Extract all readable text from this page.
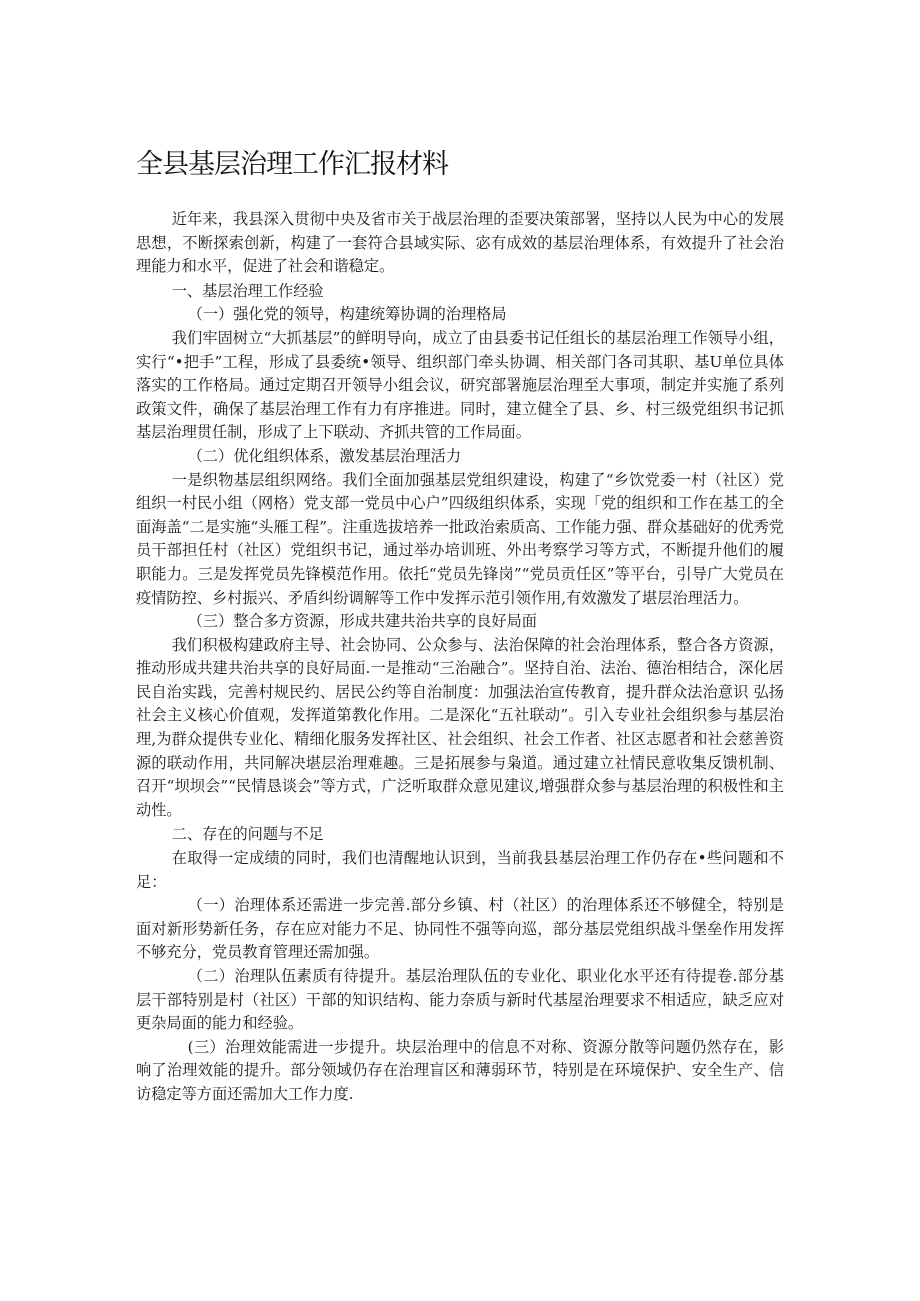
全县基层治理工作汇报材料

近年来，我县深入贯彻中央及省市关于战层治理的歪要决策部署，坚持以人民为中心的发展思想，不断探索创新，构建了一套符合县域实际、宓有成效的基层治理体系，有效提升了社会治理能力和水平，促进了社会和谐稳定。

一、基层治理工作经验

（一）强化党的领导，构建统筹协调的治理格局

我们牢固树立“大抓基层”的鲜明导向，成立了由县委书记任组长的基层治理工作领导小组，实行“•把手”工程，形成了县委统•领导、组织部门牵头协调、相关部门各司其职、基U单位具体落实的工作格局。通过定期召开领导小组会议，研究部署施层治理至大事项，制定并实施了系列政策文件，确保了基层治理工作有力有序推进。同时，建立健全了县、乡、村三级党组织书记抓基层治理贯任制，形成了上下联动、齐抓共管的工作局面。

（二）优化组织体系，激发基层治理活力

一是织物基层组织网络。我们全面加强基层党组织建设，构建了“乡饮党委一村（社区）党组织一村民小组（网格）党支部一党员中心户”四级组织体系，实现「党的组织和工作在基工的全面海盖“二是实施“头雁工程”。注重选拔培养一批政治索质高、工作能力强、群众基础好的优秀党员干部担任村（社区）党组织书记，通过举办培训班、外出考察学习等方式，不断提升他们的履职能力。三是发挥党员先锋模范作用。依托“党员先锋岗”“党员贡任区”等平台，引导广大党员在疫情防控、乡村振兴、矛盾纠纷调解等工作中发挥示范引领作用,有效激发了堪层治理活力。

（三）整合多方资源，形成共建共治共享的良好局面

我们积极构建政府主导、社会协同、公众参与、法治保障的社会治理体系，整合各方资源，推动形成共建共治共享的良好局面.一是推动“三治融合”。坚持自治、法治、德治相结合，深化居民自治实践，完善村规民约、居民公约等自治制度：加强法治宣传教育，提升群众法治意识 弘扬社会主义核心价值观，发挥道第教化作用。二是深化“五社联动”。引入专业社会组织参与基层治理,为群众提供专业化、精细化服务发挥社区、社会组织、社会工作者、社区志愿者和社会慈善资源的联动作用，共同解决堪层治理难趣。三是拓展参与枭道。通过建立社情民意收集反馈机制、召开“坝坝会”“民情恳谈会”等方式，广泛听取群众意见建议,增强群众参与基层治理的积极性和主动性。

二、存在的问题与不足

在取得一定成绩的同时，我们也清醒地认识到，当前我县基层治理工作仍存在•些问题和不足：

（一）治理体系还需进一步完善.部分乡镇、村（社区）的治理体系还不够健全，特别是面对新形势新任务，存在应对能力不足、协同性不强等向巡，部分基层党组织战斗堡垒作用发挥不够充分，党员教育管理还需加强。

（二）治理队伍素质有待提升。基层治理队伍的专业化、职业化水平还有待提卷.部分基层干部特别是村（社区）干部的知识结构、能力奈质与新时代基屋治理要求不相适应，缺乏应对更杂局面的能力和经验。

(三）治理效能需进一步提升。块层治理中的信息不对称、资源分散等问题仍然存在，影响了治理效能的提升。部分领域仍存在治理盲区和薄弱环节，特别是在环境保护、安全生产、信访稳定等方面还需加大工作力度.
